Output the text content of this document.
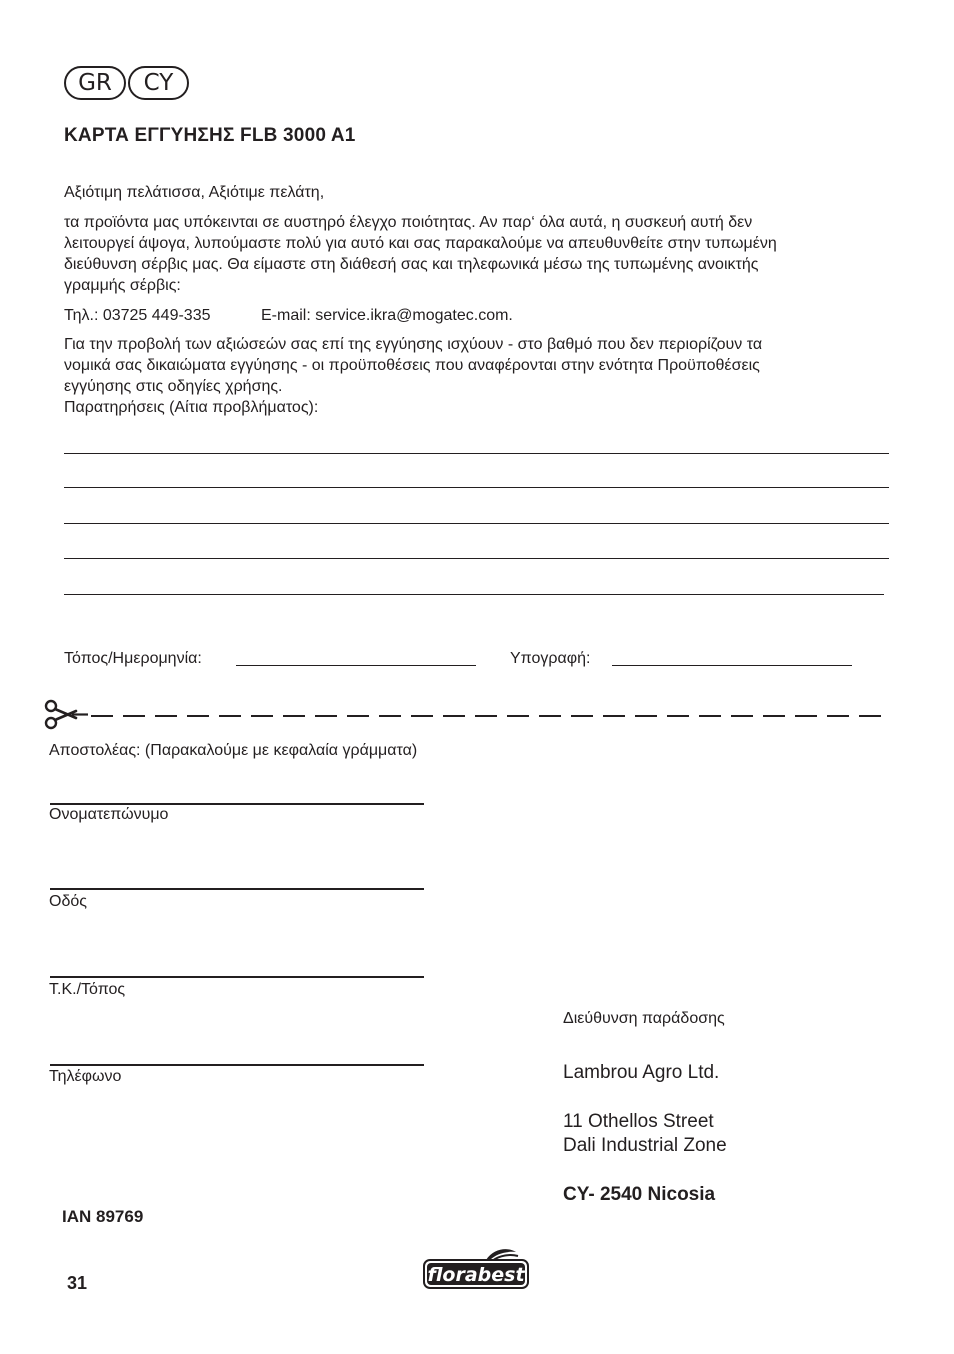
GR	CY
ΚΑΡΤΑ ΕΓΓΥΗΣΗΣ FLB 3000 A1
Αξιότιμη πελάτισσα, Αξιότιμε πελάτη,
τα προϊόντα μας υπόκεινται σε αυστηρό έλεγχο ποιότητας. Αν παρ‘ όλα αυτά, η συσκευή αυτή δεν
λειτουργεί άψογα, λυπούμαστε πολύ για αυτό και σας παρακαλούμε να απευθυνθείτε στην τυπωμένη
διεύθυνση σέρβις μας. Θα είμαστε στη διάθεσή σας και τηλεφωνικά μέσω της τυπωμένης ανοικτής
γραμμής σέρβις:
Τηλ.: 03725 449-335	E-mail: service.ikra@mogatec.com.
Για την προβολή των αξιώσεών σας επί της εγγύησης ισχύουν - στο βαθμό που δεν περιορίζουν τα
νομικά σας δικαιώματα εγγύησης - οι προϋποθέσεις που αναφέρονται στην ενότητα Προϋποθέσεις
εγγύησης στις οδηγίες χρήσης.
Παρατηρήσεις (Αίτια προβλήματος):
Τόπος/Ημερομηνία:	Υπογραφή:
Αποστολέας: (Παρακαλούμε με κεφαλαία γράμματα)
Ονοματεπώνυμο
Οδός
Τ.Κ./Τόπος
Τηλέφωνο
Διεύθυνση παράδοσης
Lambrou Agro Ltd.
11 Othellos Street
Dali Industrial Zone
CY- 2540 Nicosia
IAN 89769
31	florabest
